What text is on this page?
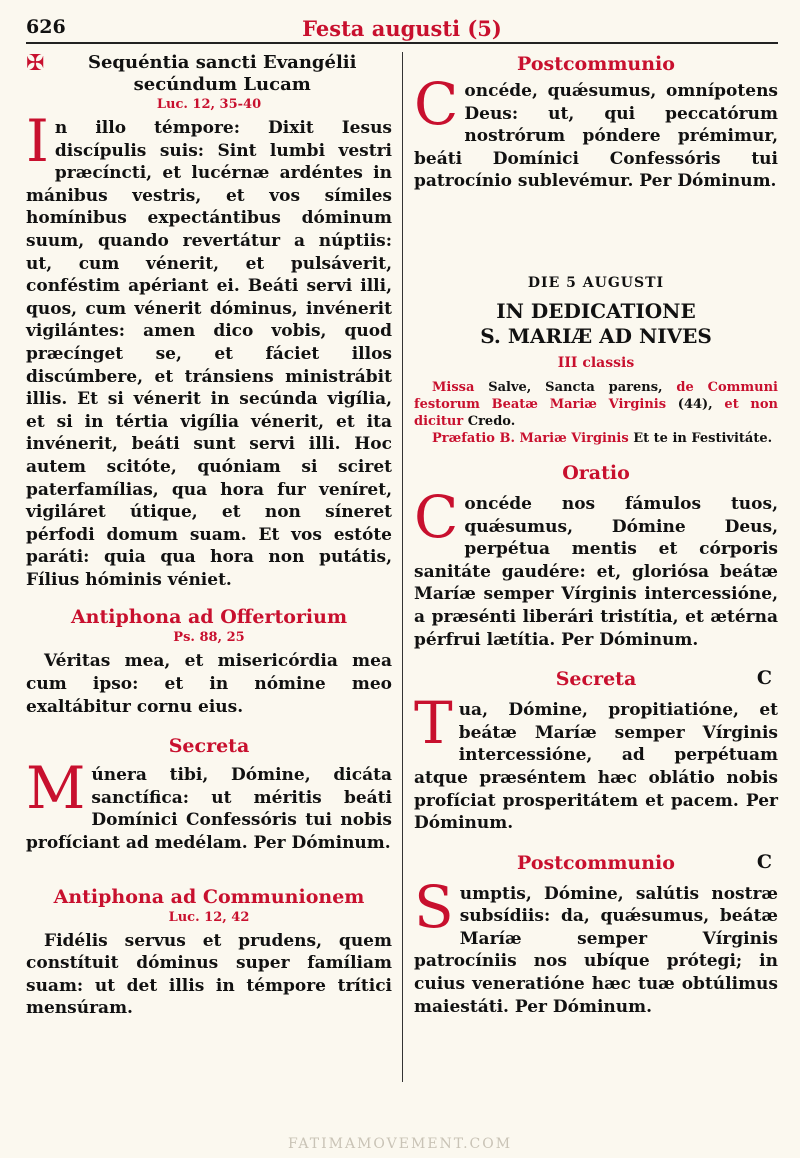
626	Festa augusti (5)
✠	Sequéntia sancti Evangélii secúndum Lucam

Luc. 12, 35-40

In illo témpore: Dixit Iesus discípulis suis: Sint lumbi vestri præcíncti, et lucérnæ ardéntes in mánibus vestris, et vos símiles homínibus expectántibus dóminum suum, quando revertátur a núptiis: ut, cum vénerit, et pulsáverit, conféstim apériant ei. Beáti servi illi, quos, cum vénerit dóminus, invénerit vigilántes: amen dico vobis, quod præcínget se, et fáciet illos discúmbere, et tránsiens ministrábit illis. Et si vénerit in secúnda vigília, et si in tértia vigília vénerit, et ita invénerit, beáti sunt servi illi. Hoc autem scitóte, quóniam si sciret paterfamílias, qua hora fur veníret, vigiláret útique, et non síneret pérfodi domum suam. Et vos estóte paráti: quia qua hora non putátis, Fílius hóminis véniet.

Antiphona ad Offertorium

Ps. 88, 25

Véritas mea, et misericórdia mea cum ipso: et in nómine meo exaltábitur cornu eius.

Secreta

Múnera tibi, Dómine, dicáta sanctífica: ut méritis beáti Domínici Confessóris tui nobis profíciant ad medélam. Per Dóminum.

Antiphona ad Communionem

Luc. 12, 42

Fidélis servus et prudens, quem constítuit dóminus super famíliam suam: ut det illis in témpore trítici mensúram.

Postcommunio

Concéde, quǽsumus, omnípotens Deus: ut, qui peccatórum nostrórum póndere prémimur, beáti Domínici Confessóris tui patrocínio sublevémur. Per Dóminum.

DIE 5 AUGUSTI

IN DEDICATIONE

S. MARIÆ AD NIVES

III classis

Missa Salve, Sancta parens, de Communi festorum Beatæ Mariæ Virginis (44), et non dicitur Credo.

Præfatio B. Mariæ Virginis Et te in Festivitáte.

Oratio

Concéde nos fámulos tuos, quǽsumus, Dómine Deus, perpétua mentis et córporis sanitáte gaudére: et, gloriósa beátæ Maríæ semper Vírginis intercessióne, a præsénti liberári tristítia, et ætérna pérfrui lætítia. Per Dóminum.

Secreta	C

Tua, Dómine, propitiatióne, et beátæ Maríæ semper Vírginis intercessióne, ad perpétuam atque præséntem hæc oblátio nobis profíciat prosperitátem et pacem. Per Dóminum.

Postcommunio	C

Sumptis, Dómine, salútis nostræ subsídiis: da, quǽsumus, beátæ Maríæ semper Vírginis patrocíniis nos ubíque prótegi; in cuius veneratióne hæc tuæ obtúlimus maiestáti. Per Dóminum.

FATIMAMOVEMENT.COM
